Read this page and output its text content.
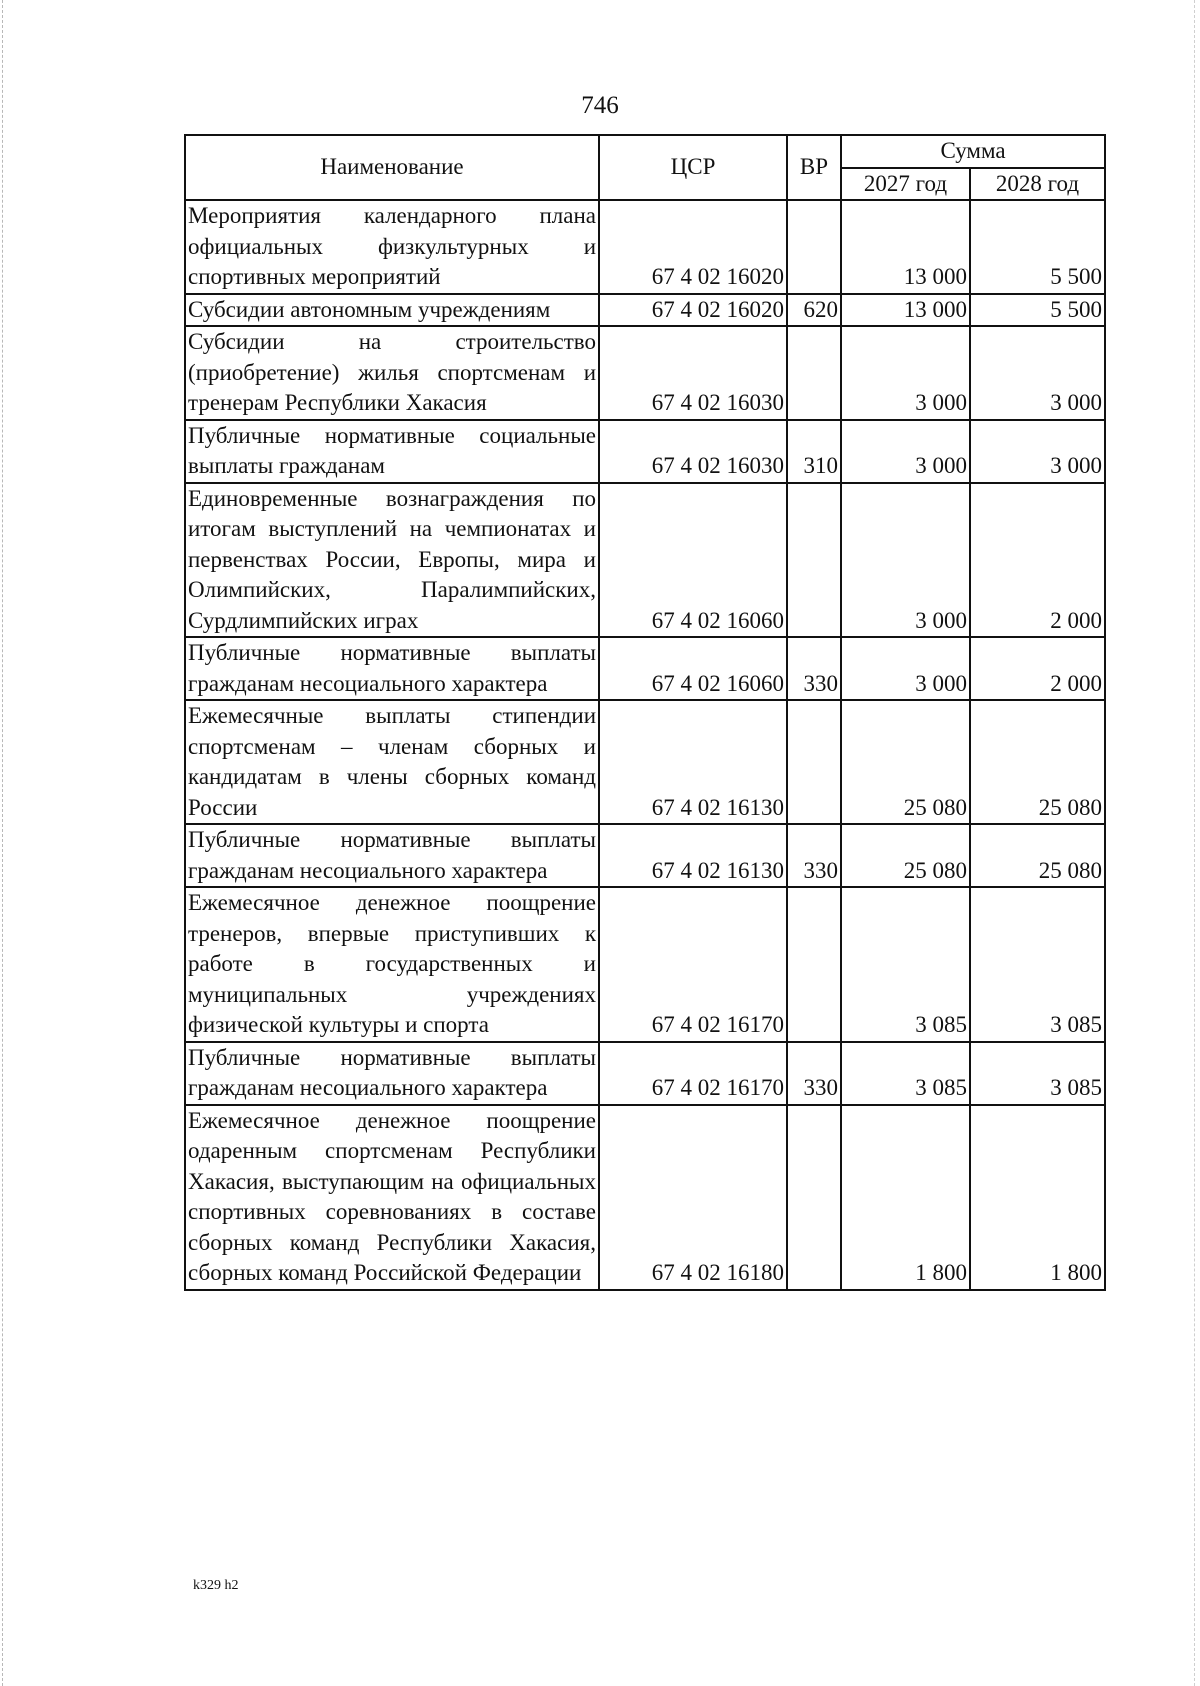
746
Наименование	ЦСР	ВР	Сумма	
			2027 год	2028 год
Мероприятия календарного плана официальных физкультурных и спортивных мероприятий	67 4 02 16020		13 000	5 500
Субсидии автономным учреждениям	67 4 02 16020	620	13 000	5 500
Субсидии на строительство (приобретение) жилья спортсменам и тренерам Республики Хакасия	67 4 02 16030		3 000	3 000
Публичные нормативные социальные выплаты гражданам	67 4 02 16030	310	3 000	3 000
Единовременные вознаграждения по итогам выступлений на чемпионатах и первенствах России, Европы, мира и Олимпийских, Паралимпийских, Сурдлимпийских играх	67 4 02 16060		3 000	2 000
Публичные нормативные выплаты гражданам несоциального характера	67 4 02 16060	330	3 000	2 000
Ежемесячные выплаты стипендии спортсменам – членам сборных и кандидатам в члены сборных команд России	67 4 02 16130		25 080	25 080
Публичные нормативные выплаты гражданам несоциального характера	67 4 02 16130	330	25 080	25 080
Ежемесячное денежное поощрение тренеров, впервые приступивших к работе в государственных и муниципальных учреждениях физической культуры и спорта	67 4 02 16170		3 085	3 085
Публичные нормативные выплаты гражданам несоциального характера	67 4 02 16170	330	3 085	3 085
Ежемесячное денежное поощрение одаренным спортсменам Республики Хакасия, выступающим на официальных спортивных соревнованиях в составе сборных команд Республики Хакасия, сборных команд Российской Федерации	67 4 02 16180		1 800	1 800
k329 h2
